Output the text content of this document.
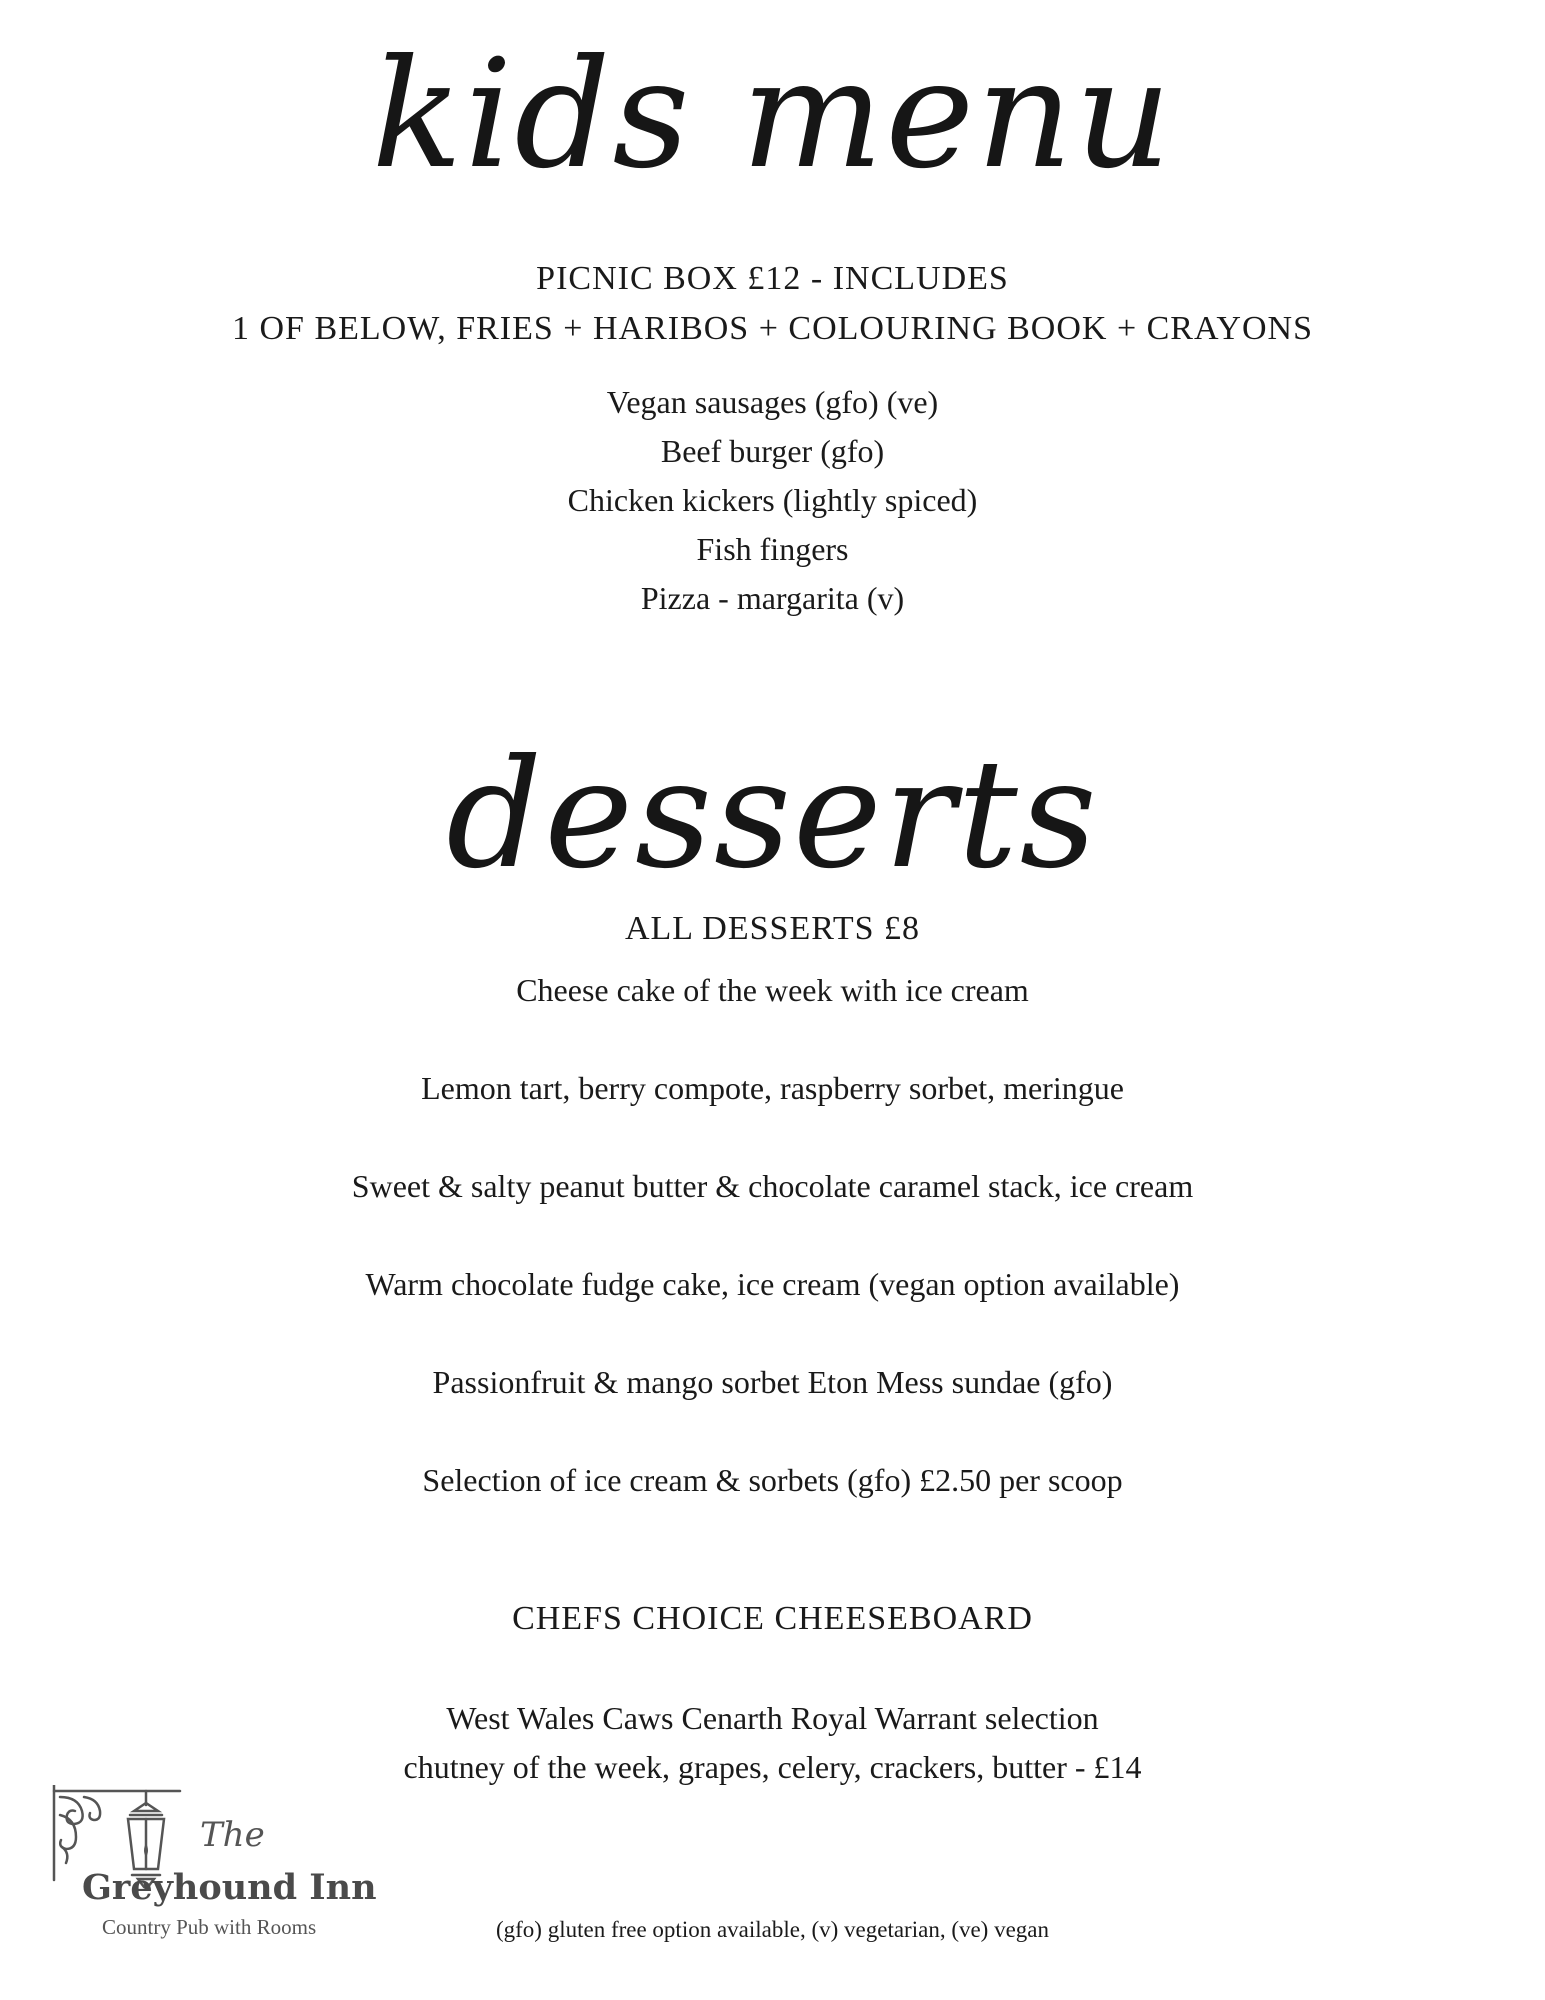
kids menu
PICNIC BOX £12 - INCLUDES
1 OF BELOW, FRIES + HARIBOS + COLOURING BOOK + CRAYONS
Vegan sausages (gfo) (ve)
Beef burger (gfo)
Chicken kickers (lightly spiced)
Fish fingers
Pizza - margarita (v)
desserts
ALL DESSERTS £8
Cheese cake of the week with ice cream
Lemon tart, berry compote, raspberry sorbet, meringue
Sweet & salty peanut butter & chocolate caramel stack, ice cream
Warm chocolate fudge cake, ice cream (vegan option available)
Passionfruit & mango sorbet Eton Mess sundae (gfo)
Selection of ice cream & sorbets (gfo) £2.50 per scoop
CHEFS CHOICE CHEESEBOARD
West Wales Caws Cenarth Royal Warrant selection
chutney of the week, grapes, celery, crackers, butter - £14
(gfo) gluten free option available, (v) vegetarian, (ve) vegan
The
Greyhound Inn
Country Pub with Rooms
